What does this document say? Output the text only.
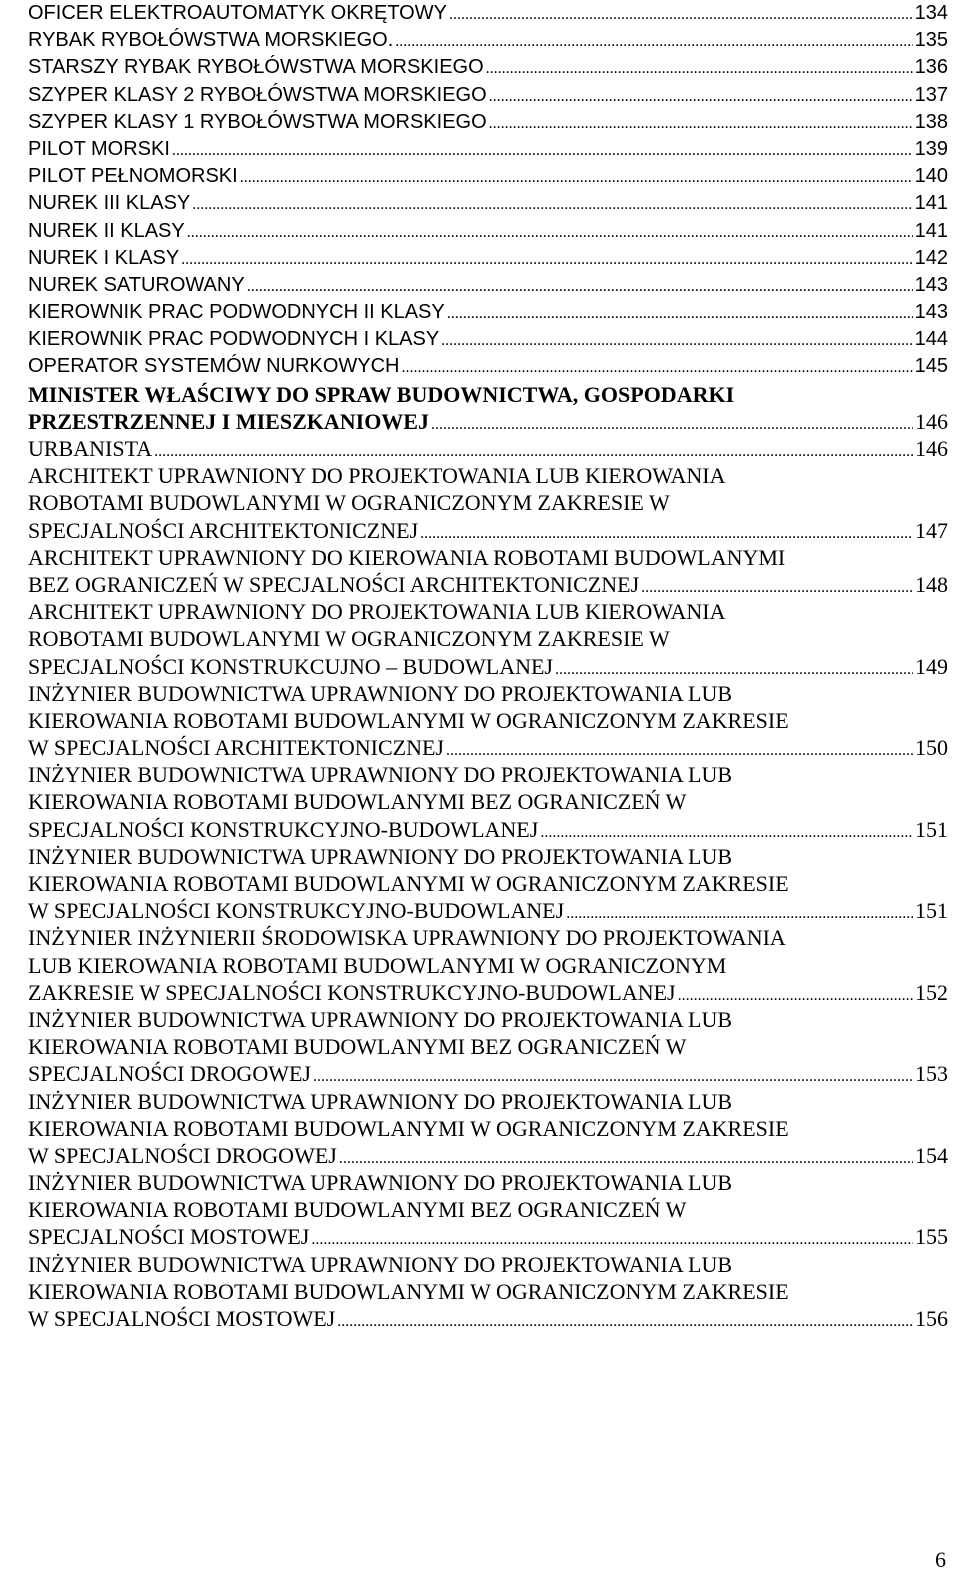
OFICER ELEKTROAUTOMATYK OKRĘTOWY .....	134
RYBAK RYBOŁÓWSTWA MORSKIEGO. .....	135
STARSZY RYBAK RYBOŁÓWSTWA MORSKIEGO .....	136
SZYPER KLASY 2 RYBOŁÓWSTWA MORSKIEGO .....	137
SZYPER KLASY 1 RYBOŁÓWSTWA MORSKIEGO .....	138
PILOT MORSKI .....	139
PILOT PEŁNOMORSKI .....	140
NUREK III KLASY .....	141
NUREK II KLASY .....	141
NUREK I KLASY .....	142
NUREK SATUROWANY .....	143
KIEROWNIK PRAC PODWODNYCH II KLASY .....	143
KIEROWNIK PRAC PODWODNYCH I KLASY .....	144
OPERATOR SYSTEMÓW NURKOWYCH .....	145
MINISTER WŁAŚCIWY DO SPRAW BUDOWNICTWA, GOSPODARKI
PRZESTRZENNEJ I MIESZKANIOWEJ .....	146
URBANISTA .....	146
ARCHITEKT UPRAWNIONY DO PROJEKTOWANIA LUB KIEROWANIA
ROBOTAMI BUDOWLANYMI W OGRANICZONYM ZAKRESIE W
SPECJALNOŚCI ARCHITEKTONICZNEJ .....	147
ARCHITEKT UPRAWNIONY DO KIEROWANIA ROBOTAMI BUDOWLANYMI
BEZ OGRANICZEŃ W SPECJALNOŚCI ARCHITEKTONICZNEJ .....	148
ARCHITEKT UPRAWNIONY DO PROJEKTOWANIA LUB KIEROWANIA
ROBOTAMI BUDOWLANYMI W OGRANICZONYM ZAKRESIE W
SPECJALNOŚCI KONSTRUKCUJNO – BUDOWLANEJ .....	149
INŻYNIER BUDOWNICTWA UPRAWNIONY DO PROJEKTOWANIA LUB
KIEROWANIA ROBOTAMI BUDOWLANYMI W OGRANICZONYM ZAKRESIE
W SPECJALNOŚCI ARCHITEKTONICZNEJ .....	150
INŻYNIER BUDOWNICTWA UPRAWNIONY DO PROJEKTOWANIA LUB
KIEROWANIA ROBOTAMI BUDOWLANYMI BEZ OGRANICZEŃ W
SPECJALNOŚCI KONSTRUKCYJNO-BUDOWLANEJ .....	151
INŻYNIER BUDOWNICTWA UPRAWNIONY DO PROJEKTOWANIA LUB
KIEROWANIA ROBOTAMI BUDOWLANYMI W OGRANICZONYM ZAKRESIE
W SPECJALNOŚCI KONSTRUKCYJNO-BUDOWLANEJ .....	151
INŻYNIER INŻYNIERII ŚRODOWISKA UPRAWNIONY DO PROJEKTOWANIA
LUB KIEROWANIA ROBOTAMI BUDOWLANYMI W OGRANICZONYM
ZAKRESIE W SPECJALNOŚCI KONSTRUKCYJNO-BUDOWLANEJ .....	152
INŻYNIER BUDOWNICTWA UPRAWNIONY DO PROJEKTOWANIA LUB
KIEROWANIA ROBOTAMI BUDOWLANYMI BEZ OGRANICZEŃ W
SPECJALNOŚCI DROGOWEJ .....	153
INŻYNIER BUDOWNICTWA UPRAWNIONY DO PROJEKTOWANIA LUB
KIEROWANIA ROBOTAMI BUDOWLANYMI W OGRANICZONYM ZAKRESIE
W SPECJALNOŚCI DROGOWEJ .....	154
INŻYNIER BUDOWNICTWA UPRAWNIONY DO PROJEKTOWANIA LUB
KIEROWANIA ROBOTAMI BUDOWLANYMI BEZ OGRANICZEŃ W
SPECJALNOŚCI MOSTOWEJ .....	155
INŻYNIER BUDOWNICTWA UPRAWNIONY DO PROJEKTOWANIA LUB
KIEROWANIA ROBOTAMI BUDOWLANYMI W OGRANICZONYM ZAKRESIE
W SPECJALNOŚCI MOSTOWEJ .....	156
6
